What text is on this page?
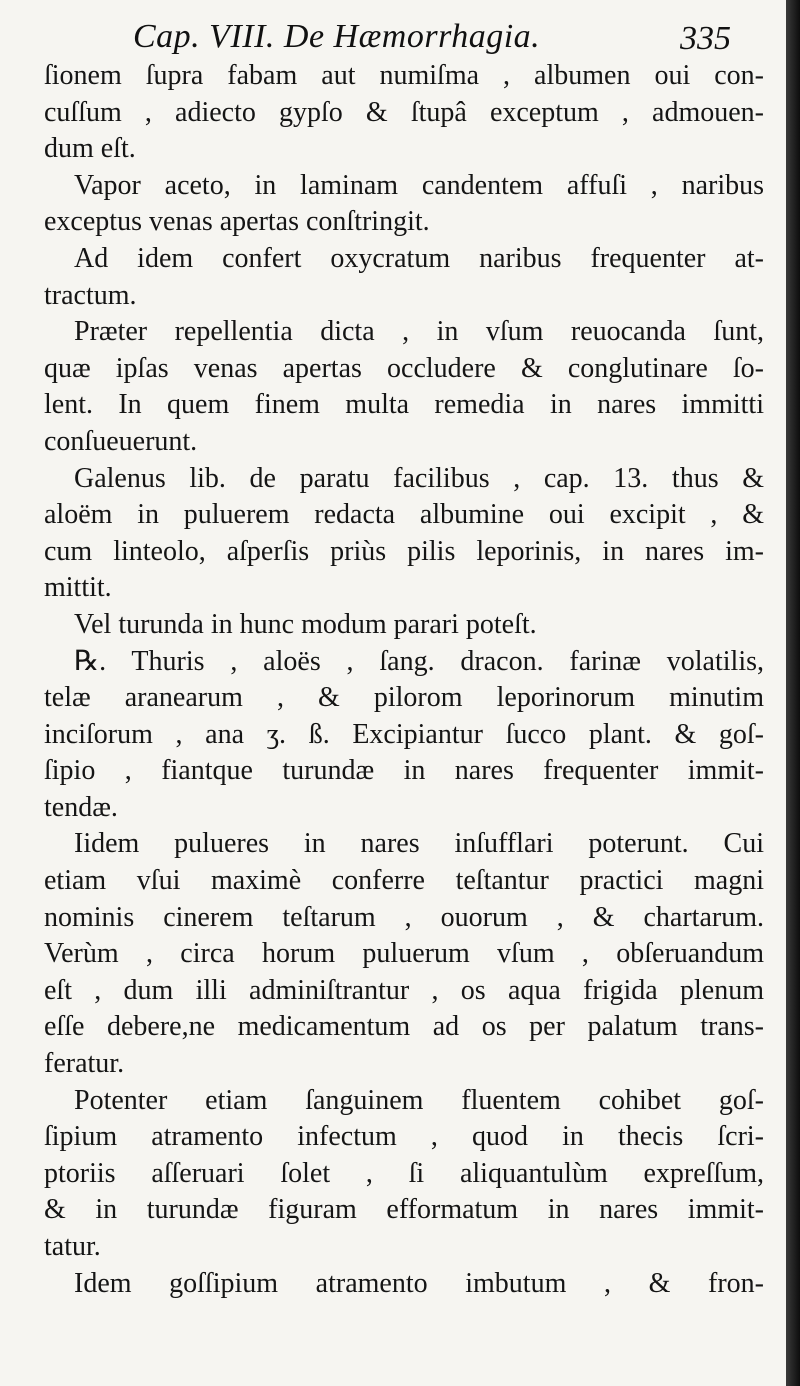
Cap. VIII. De Hæmorrhagia.	335
ſionem ſupra fabam aut numiſma , albumen oui con-
cuſſum , adiecto gypſo & ſtupâ exceptum , admouen-
dum eſt.
Vapor aceto, in laminam candentem affuſi , naribus
exceptus venas apertas conſtringit.
Ad idem confert oxycratum naribus frequenter at-
tractum.
Præter repellentia dicta , in vſum reuocanda ſunt,
quæ ipſas venas apertas occludere & conglutinare ſo-
lent. In quem finem multa remedia in nares immitti
conſueuerunt.
Galenus lib. de paratu facilibus , cap. 13. thus &
aloëm in puluerem redacta albumine oui excipit , &
cum linteolo, aſperſis priùs pilis leporinis, in nares im-
mittit.
Vel turunda in hunc modum parari poteſt.
℞. Thuris , aloës , ſang. dracon. farinæ volatilis,
telæ aranearum , & pilorom leporinorum minutim
inciſorum , ana ʒ. ß. Excipiantur ſucco plant. & goſ-
ſipio , fiantque turundæ in nares frequenter immit-
tendæ.
Iidem pulueres in nares inſufflari poterunt. Cui
etiam vſui maximè conferre teſtantur practici magni
nominis cinerem teſtarum , ouorum , & chartarum.
Verùm , circa horum puluerum vſum , obſeruandum
eſt , dum illi adminiſtrantur , os aqua frigida plenum
eſſe debere,ne medicamentum ad os per palatum trans-
feratur.
Potenter etiam ſanguinem fluentem cohibet goſ-
ſipium atramento infectum , quod in thecis ſcri-
ptoriis aſſeruari ſolet , ſi aliquantulùm expreſſum,
& in turundæ figuram efformatum in nares immit-
tatur.
Idem goſſipium atramento imbutum , & fron-
